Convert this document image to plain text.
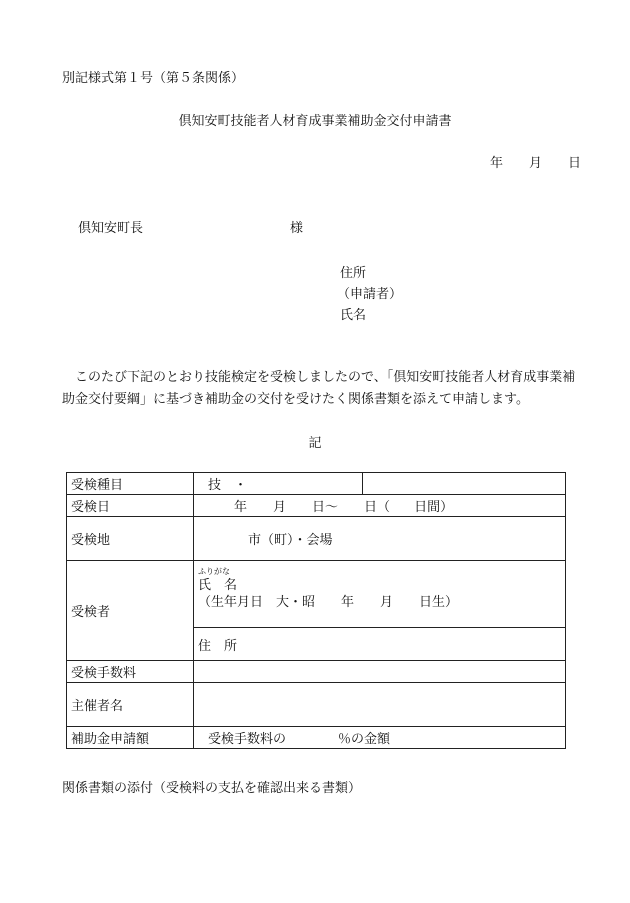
別記様式第１号（第５条関係）
倶知安町技能者人材育成事業補助金交付申請書
年 月 日
倶知安町長	様
住所
（申請者）
氏名
このたび下記のとおり技能検定を受検しましたので、「倶知安町技能者人材育成事業補助金交付要綱」に基づき補助金の交付を受けたく関係書類を添えて申請します。
記
受検種目	技　・	
受検日	年 月 日～ 日（ 日間）	
受検地	市（町）・会場	
受検者	ふりがな
氏　名
（生年月日　大・昭 年 月 日生）	
	住　所	
受検手数料		
主催者名		
補助金申請額	受検手数料の ％の金額	
関係書類の添付（受検料の支払を確認出来る書類）
